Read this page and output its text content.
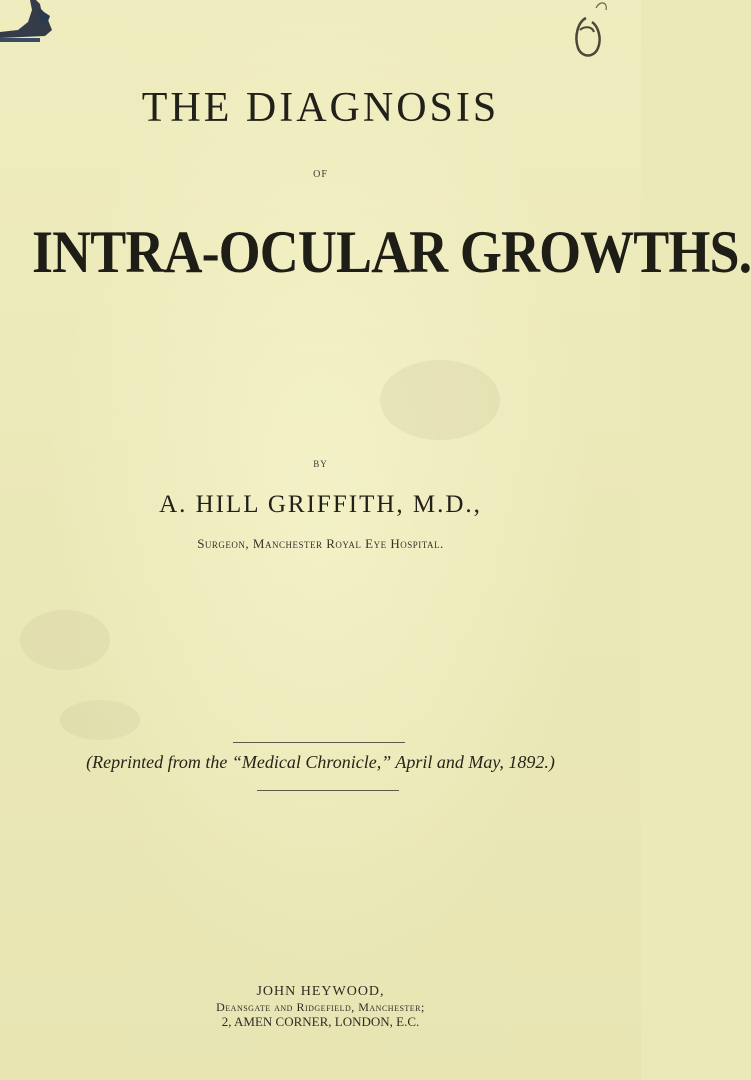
THE DIAGNOSIS
OF
INTRA-OCULAR GROWTHS.
BY
A. HILL GRIFFITH, M.D.,
Surgeon, Manchester Royal Eye Hospital.
(Reprinted from the “Medical Chronicle,” April and May, 1892.)
JOHN HEYWOOD,
Deansgate and Ridgefield, Manchester;
2, AMEN CORNER, LONDON, E.C.
